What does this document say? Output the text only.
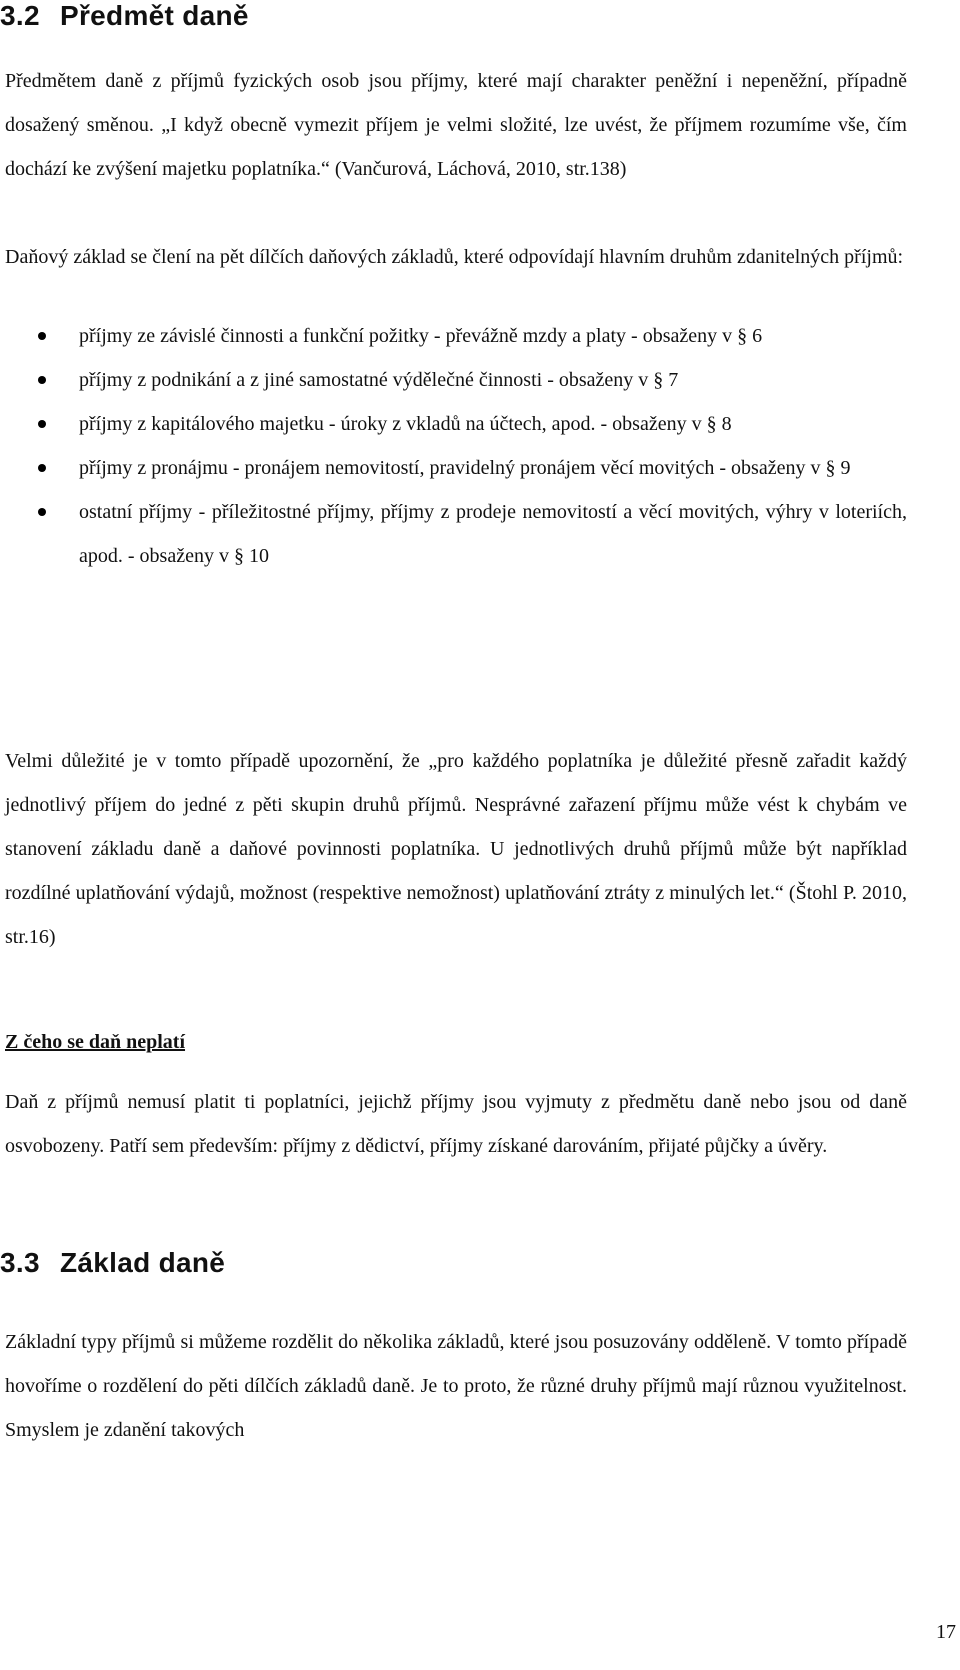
3.2 Předmět daně

Předmětem daně z příjmů fyzických osob jsou příjmy, které mají charakter peněžní i nepeněžní, případně dosažený směnou. „I když obecně vymezit příjem je velmi složité, lze uvést, že příjmem rozumíme vše, čím dochází ke zvýšení majetku poplatníka.“ (Vančurová, Láchová, 2010, str.138)

Daňový základ se člení na pět dílčích daňových základů, které odpovídají hlavním druhům zdanitelných příjmů:

příjmy ze závislé činnosti a funkční požitky - převážně mzdy a platy - obsaženy v § 6
příjmy z podnikání a z jiné samostatné výdělečné činnosti - obsaženy v § 7
příjmy z kapitálového majetku - úroky z vkladů na účtech, apod. - obsaženy v § 8
příjmy z pronájmu - pronájem nemovitostí, pravidelný pronájem věcí movitých - obsaženy v § 9
ostatní příjmy - příležitostné příjmy, příjmy z prodeje nemovitostí a věcí movitých, výhry v loteriích, apod. - obsaženy v § 10

Velmi důležité je v tomto případě upozornění, že „pro každého poplatníka je důležité přesně zařadit každý jednotlivý příjem do jedné z pěti skupin druhů příjmů. Nesprávné zařazení příjmu může vést k chybám ve stanovení základu daně a daňové povinnosti poplatníka. U jednotlivých druhů příjmů může být například rozdílné uplatňování výdajů, možnost (respektive nemožnost) uplatňování ztráty z minulých let.“ (Štohl P. 2010, str.16)

Z čeho se daň neplatí

Daň z příjmů nemusí platit ti poplatníci, jejichž příjmy jsou vyjmuty z předmětu daně nebo jsou od daně osvobozeny. Patří sem především: příjmy z dědictví, příjmy získané darováním, přijaté půjčky a úvěry.

3.3 Základ daně

Základní typy příjmů si můžeme rozdělit do několika základů, které jsou posuzovány odděleně. V tomto případě hovoříme o rozdělení do pěti dílčích základů daně. Je to proto, že různé druhy příjmů mají různou využitelnost. Smyslem je zdanění takových

17
